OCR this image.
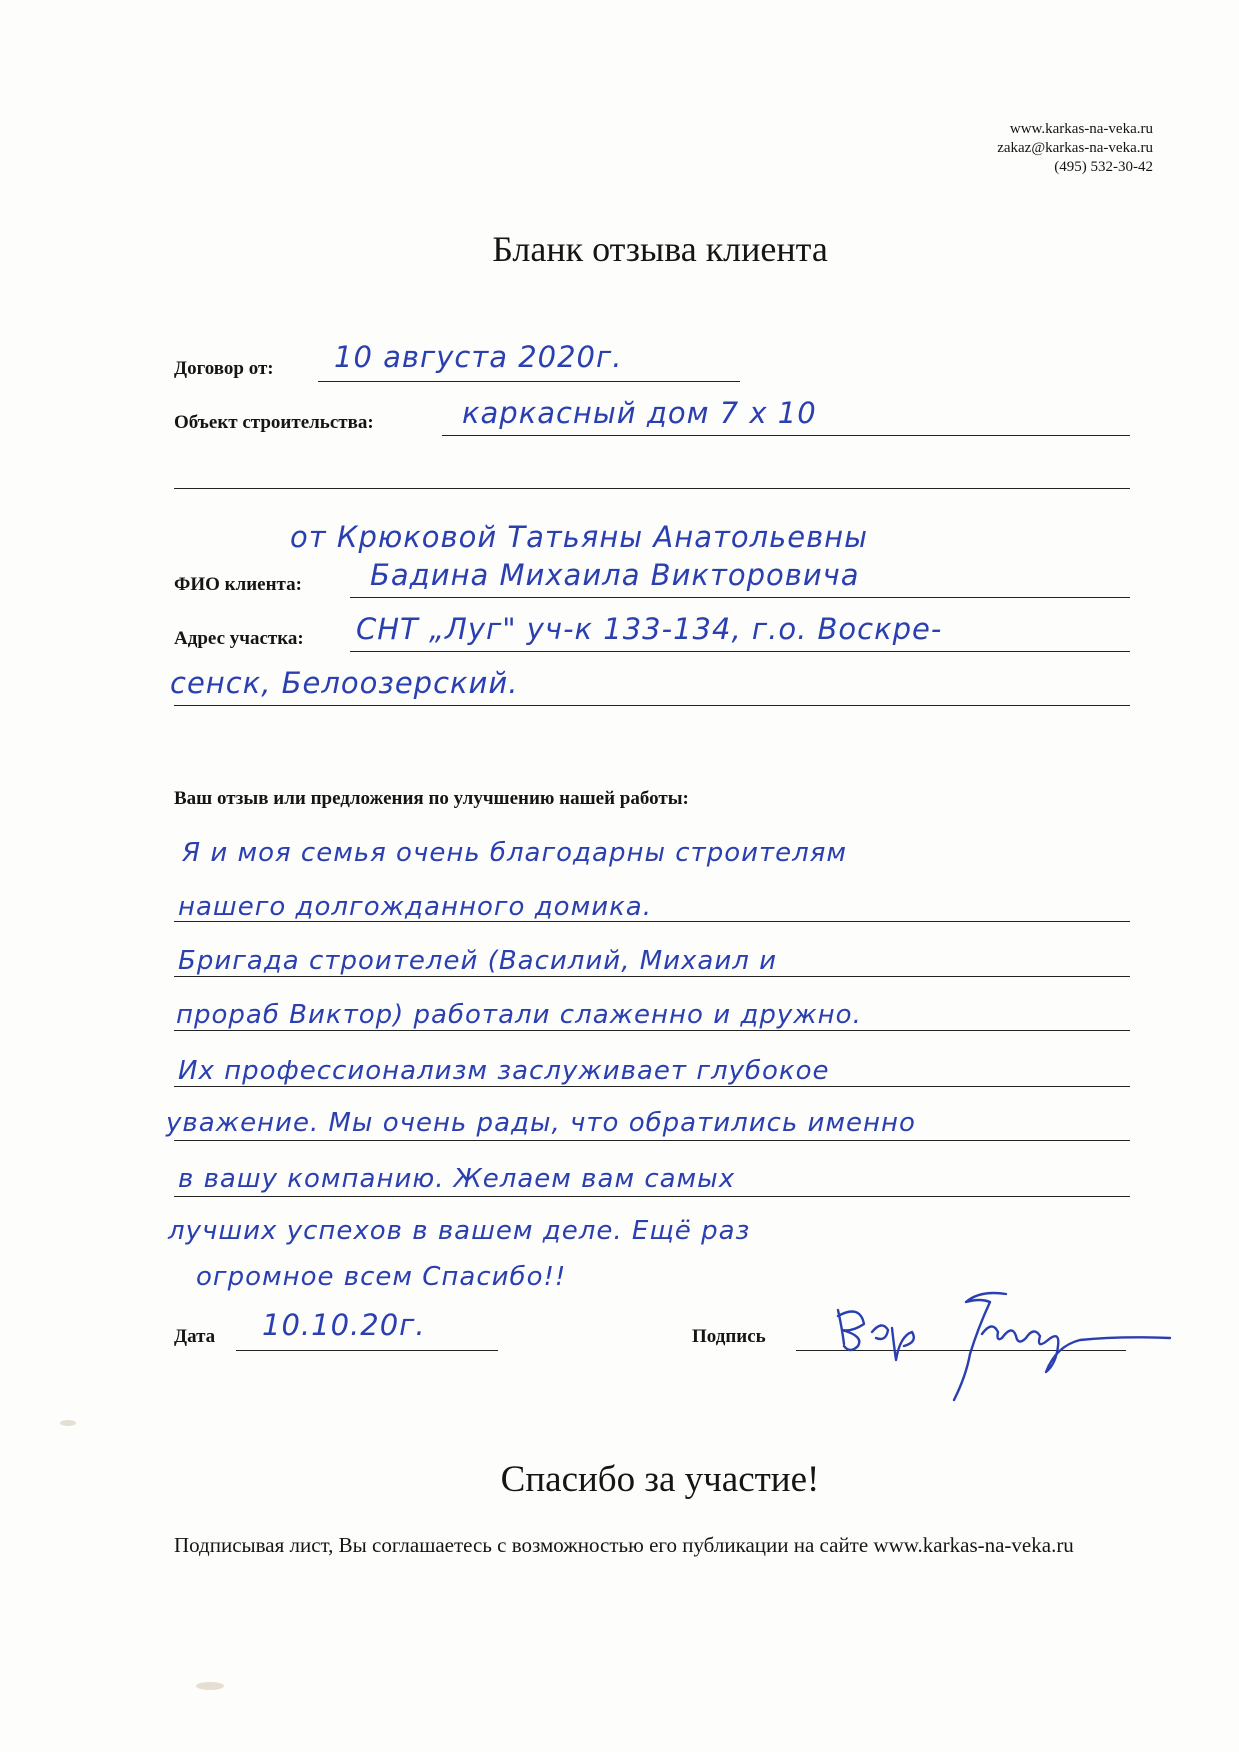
www.karkas-na-veka.ru
zakaz@karkas-na-veka.ru
(495) 532-30-42
Бланк отзыва клиента
Договор от: 10 августа 2020г.
Объект строительства:	каркасный дом 7 х 10
от Крюковой Татьяны Анатольевны
ФИО клиента: Бадина Михаила Викторовича
Адрес участка: СНТ „Луг" уч-к 133-134, г.о. Воскре-
сенск, Белоозерский.
Ваш отзыв или предложения по улучшению нашей работы:
Я и моя семья очень благодарны строителям
нашего долгожданного домика.
Бригада строителей (Василий, Михаил и
прораб Виктор) работали слаженно и дружно.
Их профессионализм заслуживает глубокое
уважение. Мы очень рады, что обратились именно
в вашу компанию. Желаем вам самых
лучших успехов в вашем деле. Ещё раз
огромное всем Спасибо!!
Дата 10.10.20г.	Подпись
Спасибо за участие!
Подписывая лист, Вы соглашаетесь с возможностью его публикации на сайте www.karkas-na-veka.ru
